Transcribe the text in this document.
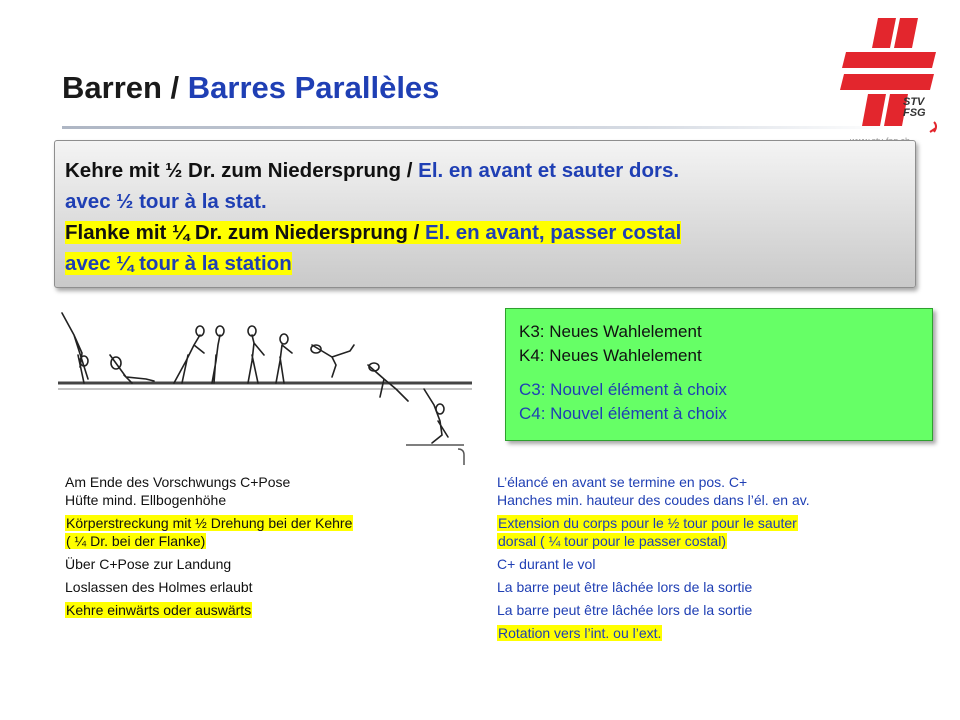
Barren / Barres Parallèles	STV
FSG
Kehre mit ½ Dr. zum Niedersprung / El. en avant et sauter dors.
avec ½ tour à la stat.
Flanke mit ¼ Dr. zum Niedersprung / El. en avant, passer costal
avec ¼ tour à la station
K3: Neues Wahlelement
K4: Neues Wahlelement
C3: Nouvel élément à choix
C4: Nouvel élément à choix
Am Ende des Vorschwungs C+Pose
Hüfte mind. Ellbogenhöhe
Körperstreckung mit ½ Drehung bei der Kehre
( ¼ Dr. bei der Flanke)
Über C+Pose zur Landung
Loslassen des Holmes erlaubt
Kehre einwärts oder auswärts
L’élancé en avant se termine en pos. C+
Hanches min. hauteur des coudes dans l’él. en av.
Extension du corps pour le ½ tour pour le sauter
dorsal ( ¼ tour pour le passer costal)
C+ durant le vol
La barre peut être lâchée lors de la sortie
La barre peut être lâchée lors de la sortie
Rotation vers l’int. ou l’ext.
